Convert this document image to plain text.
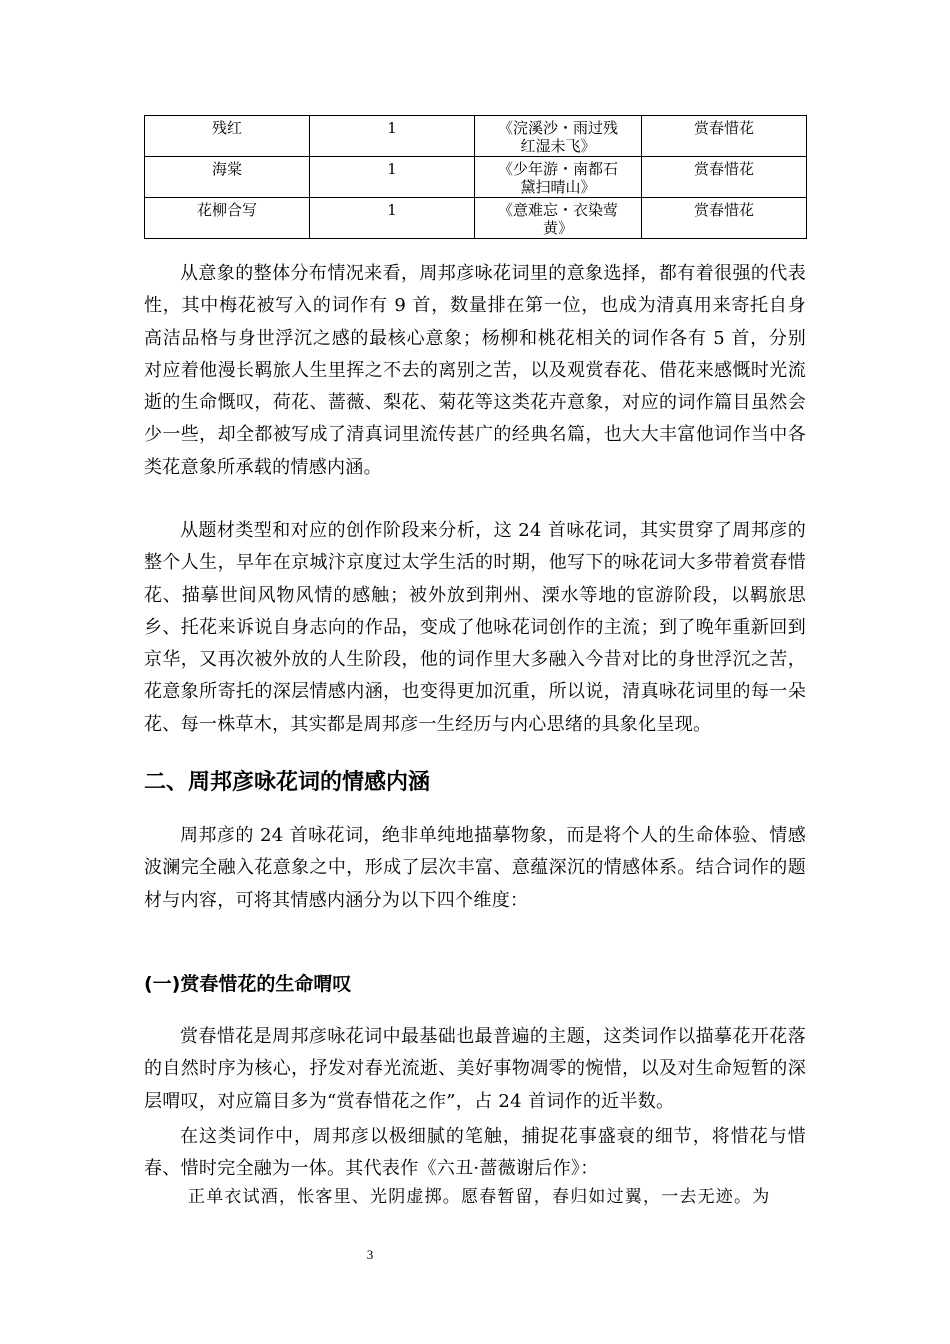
残红	1	《浣溪沙・雨过残红湿未飞》	赏春惜花
海棠	1	《少年游・南都石黛扫晴山》	赏春惜花
花柳合写	1	《意难忘・衣染莺黄》	赏春惜花

从意象的整体分布情况来看，周邦彦咏花词里的意象选择，都有着很强的代表性，其中梅花被写入的词作有 9 首，数量排在第一位，也成为清真用来寄托自身高洁品格与身世浮沉之感的最核心意象；杨柳和桃花相关的词作各有 5 首，分别对应着他漫长羁旅人生里挥之不去的离别之苦，以及观赏春花、借花来感慨时光流逝的生命慨叹，荷花、蔷薇、梨花、菊花等这类花卉意象，对应的词作篇目虽然会少一些，却全都被写成了清真词里流传甚广的经典名篇，也大大丰富他词作当中各类花意象所承载的情感内涵。

从题材类型和对应的创作阶段来分析，这 24 首咏花词，其实贯穿了周邦彦的整个人生，早年在京城汴京度过太学生活的时期，他写下的咏花词大多带着赏春惜花、描摹世间风物风情的感触；被外放到荆州、溧水等地的宦游阶段，以羁旅思乡、托花来诉说自身志向的作品，变成了他咏花词创作的主流；到了晚年重新回到京华，又再次被外放的人生阶段，他的词作里大多融入今昔对比的身世浮沉之苦，花意象所寄托的深层情感内涵，也变得更加沉重，所以说，清真咏花词里的每一朵花、每一株草木，其实都是周邦彦一生经历与内心思绪的具象化呈现。

二、周邦彦咏花词的情感内涵

周邦彦的 24 首咏花词，绝非单纯地描摹物象，而是将个人的生命体验、情感波澜完全融入花意象之中，形成了层次丰富、意蕴深沉的情感体系。结合词作的题材与内容，可将其情感内涵分为以下四个维度：

(一)赏春惜花的生命喟叹

赏春惜花是周邦彦咏花词中最基础也最普遍的主题，这类词作以描摹花开花落的自然时序为核心，抒发对春光流逝、美好事物凋零的惋惜，以及对生命短暂的深层喟叹，对应篇目多为“赏春惜花之作”，占 24 首词作的近半数。

在这类词作中，周邦彦以极细腻的笔触，捕捉花事盛衰的细节，将惜花与惜春、惜时完全融为一体。其代表作《六丑·蔷薇谢后作》：

正单衣试酒，怅客里、光阴虚掷。愿春暂留，春归如过翼，一去无迹。为

3
